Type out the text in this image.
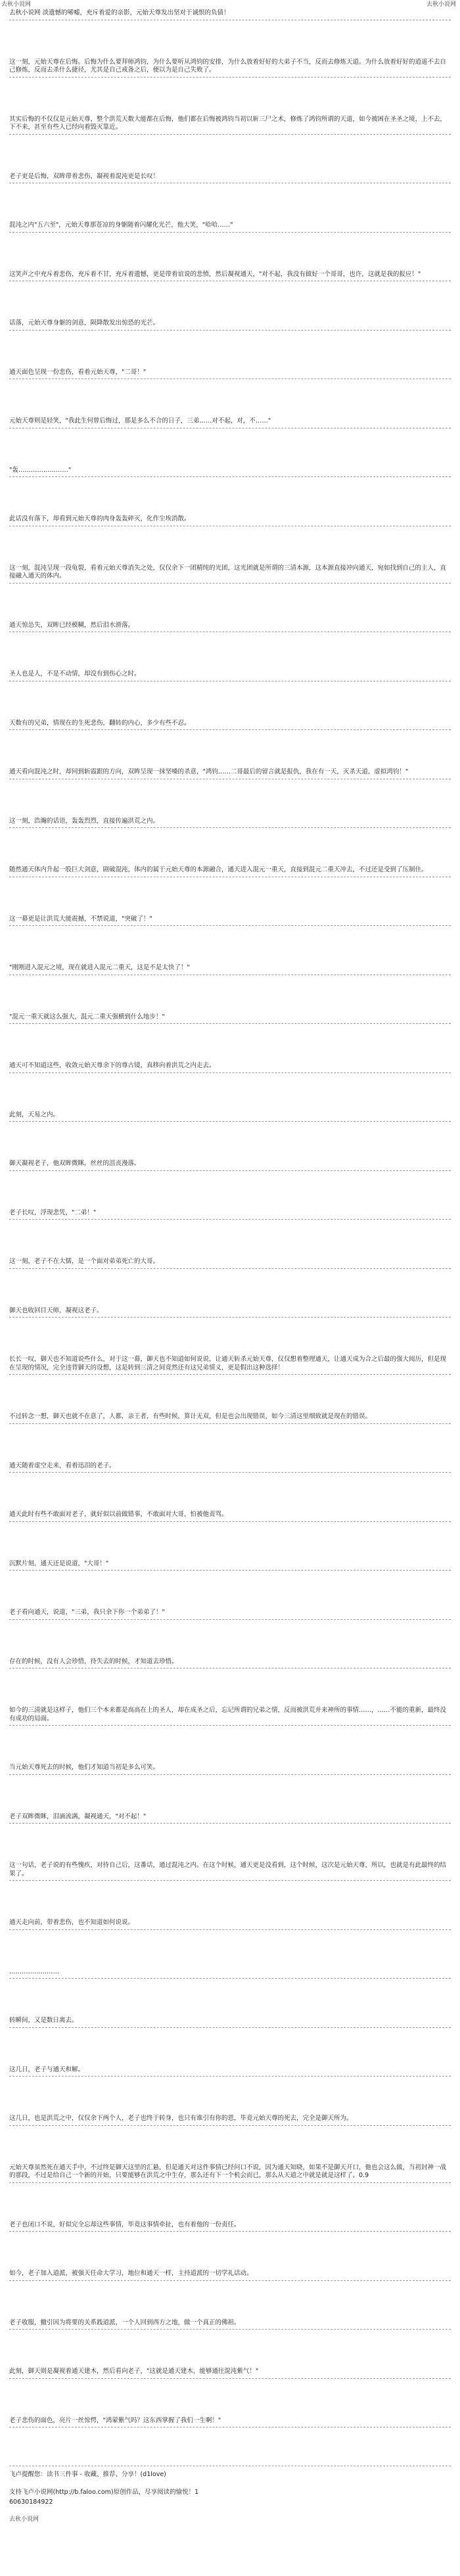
去秋小说网	去秋小说网

去秋小说网 淡遗憾的唏嘘，充斥着爱的亲影，元始天尊发出坚对于诚恨的负债！

这一刻，元始天尊在后悔。后悔为什么要拜师鸿钧，为什么要听从鸿钧的安排，为什么放着好好的大弟子不当，反而去修炼天道。为什么放着好好的逍遥不去自己修炼，反而去杀什么捷径，尤其是自己戒备之后，便以为是自己失败了。

其实后悔的不仅仅是元始天尊，整个洪荒天数大能都在后悔，他们都在后悔被鸿钧当初以斩三尸之术，修炼了鸿钧所谓的天道，如今被困在圣圣之境，上不去，下不来，甚至有些人已经向着毁灭靠近。

老子更是后悔，双眸带着悲伤，凝视着混沌更是长叹！

混沌之内"五六至"，元始天尊那苍凉的身躯随着闪耀化光芒，他大笑，"哈哈……"

这笑声之中充斥着悲伤，充斥着不甘，充斥着遗憾，更是带着谊说的悲愤，然后凝视通天，"对不起，我没有做好一个哥哥，也许，这就是我的报应！"

话落，元始天尊身躯的剑意，陨降散发出惊恐的光芒。

通天面色呈现一份悲伤，看着元始天尊，"二哥！"

元始天尊则是轻笑，"我此生何曾后悔过，那是多么不合的日子，三弟……对不起，对，不……"

"轰……………………"

此话没有落下，却看到元始天尊的肉身轰轰碎灭，化作尘埃消散。

这一刻，混沌呈现一段龟裂，看着元始天尊消失之处，仅仅余下一团精纯的光团，这光团就是所谓的三清本源，这本源直接冲向通天，宛如找到自己的主人，直接融入通天的体内。

通天惊怂失，双眸已经模糊，然后泪水滑落。

圣人也是人，不是不动情，却没有到伤心之时。

天数有的兄弟，情现在的生死悲伤，翻转的内心，多少有些不忍。

通天看向混沌之时，却同到斩霞跟的方向，双眸呈现一抹坚嗓的杀意，"鸿钧……二哥最后的留言就是报仇，我在有一天，灭杀天道，虚拟鸿钧！"

这一刻，浩瀚的话语，轰轰烈烈，直接传遍洪荒之内。

随然通天体内升起一股巨大剑意，剧破混沌，体内的属于元始天尊的本源融合，通天进入混元一重天，直接到混元二重天冲去，不过还是受到了压制住。

这一幕更是让洪荒大能震撼，不禁说道，"突破了！"

"刚刚进入混元之境，现在就进入混元二重天，这是不是太快了！"

"混元一重天就这么强大，混元二重天强横到什么地步！"

通天可不知道这些，收敛元始天尊余下的尊古镜，真移向着洪荒之内走去。

此刻，天易之内。

御天凝视老子，他双眸微眯，丝丝的沮丧漫落。

老子长叹，浮现悲凭，"二弟！"

这一刻，老子不在大儒，是一个面对弟弟死亡的大哥。

御天也收回目天师，凝视这老子。

长长一叹，御天也不知道说些什么，对于这一幕，御天也不知道如何说说，让通天斩杀元始天尊，仅仅想着整理通天，让通天成为合之后最的强大阅历，但是现在呈现的情况，完全违背御天的设想，这是转到三清之间竟然还有这兄弟情义，更是假出这种选择！

不过转念一想，御天也就不在意了，人都，亲王者，有些时候，算计无双，但是也会出现错误，如今三清这里细致就是现在的错误。

通天随着虚空走来，看着迅泪的老子。

通天此时有些不敢面对老子，就好似以前做错事，不敢面对大哥，怕被他责骂。

沉默片刻，通天还是说道，"大哥！"

老子看向通天，说道，"三弟，我只余下你一个弟弟了！"

存在的时候，没有人会珍惜，待失去的时候，才知道去珍惜。

如今的三清就是这样子，他们三个本来都是高高在上的圣人，却在成圣之后，忘记所谓的兄弟之情，反而被洪荒并来神所的事情……，……不能的重新，最终没有成功的局面。

当元始天尊死去的时候，他们才知道当初是多么可笑。

老子双眸微眯，泪滴流满，凝视通天，"对不起！"

这一句话，老子说的有些愧疚，对待自己后，这番话，通过混沌之内。在这个时候，通天更是没看到，这个时候，这次是元始天尊，所以，也就是有此最终的结果了。

通天走向前，带着悲伤，也不知道如何说说。

……………………

转瞬间，又是数日离去。

这几日，老子与通天和解。

这几日，也是洪荒之中，仅仅余下两个人，老子也终于转身，也只有谁引有你的恩，毕竟元始天尊的死去，完全是御天所为。

元始天尊虽然死在通天手中，不过终是御天这里的汇悬，但是通天对这件事情已经问口不说，因为通天知晓，如果不是御天开口，他也会这么做，当初封神一战的那段，不过是给自己一个新的开始，只要能够在洪荒之中生存，那么还有下一个机会而已，那么从天道之中就是就是这样了。0.9

老子也闭口不说，好似完全忘却这些事情，毕竟这事情牵扯，也有着他的一份责任。

如今，老子加入道派，被强天任命大学习，地位和通天一样，主持道派的一切学礼话动。

老子收服，撤引因为将要的关系践道派，一个人回到西方之地，做一个真正的佛祖。

此刻，御天则是凝视着通天建木，然后看向老子，"这就是通天建木，能够通往混沌紫气！"

老子悲伤的面色，亮片一丝惊愕，"鸿蒙紫气吗？这东西掌握了我们一生啊！"

飞卢提醒您：读书三件事 - 收藏、推荐、分享！(d1love)
支持飞卢小说网(http://b.faloo.com)原创作品，尽享阅读的愉悦！1
60630184922
去秋小说网
